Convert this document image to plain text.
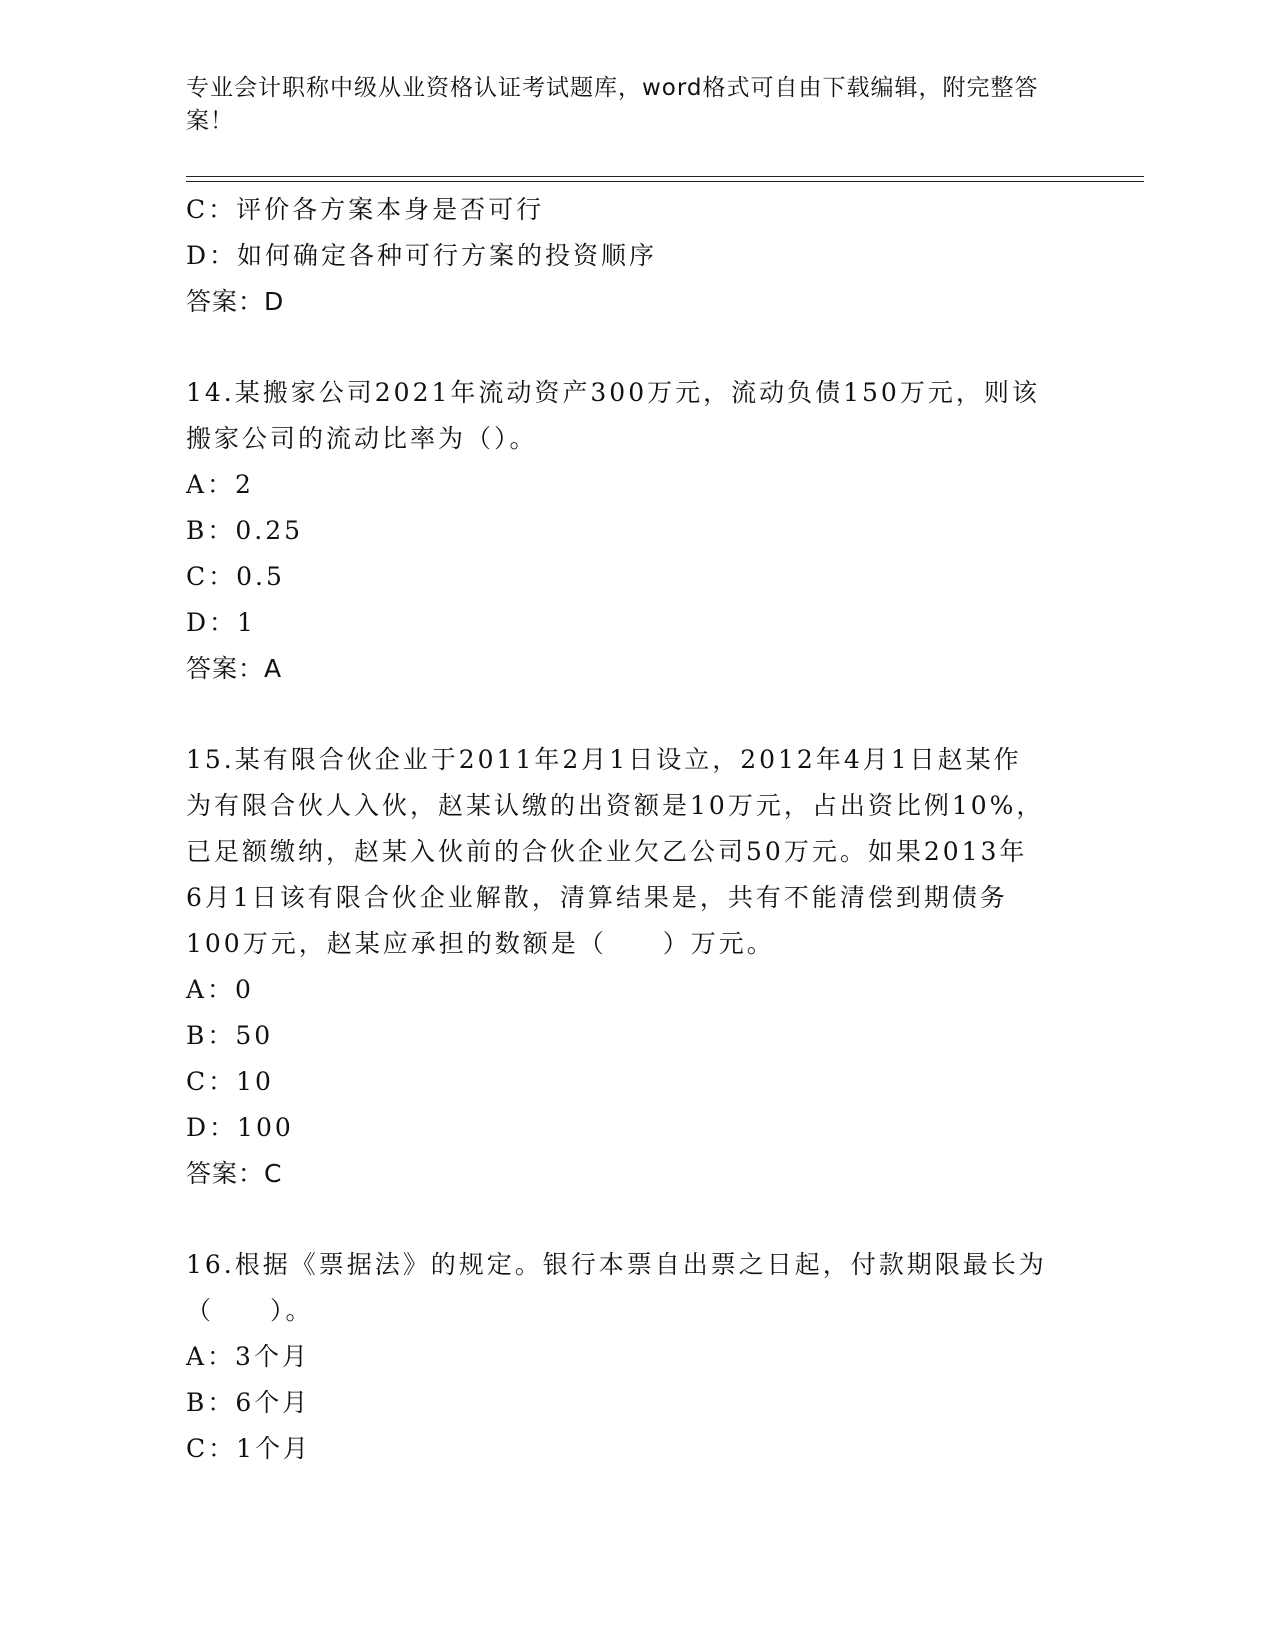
专业会计职称中级从业资格认证考试题库，word格式可自由下载编辑，附完整答案！
C：评价各方案本身是否可行
D：如何确定各种可行方案的投资顺序
答案：D
14.某搬家公司2021年流动资产300万元，流动负债150万元，则该
搬家公司的流动比率为（）。
A：2
B：0.25
C：0.5
D：1
答案：A
15.某有限合伙企业于2011年2月1日设立，2012年4月1日赵某作
为有限合伙人入伙，赵某认缴的出资额是10万元，占出资比例10%，
已足额缴纳，赵某入伙前的合伙企业欠乙公司50万元。如果2013年
6月1日该有限合伙企业解散，清算结果是，共有不能清偿到期债务
100万元，赵某应承担的数额是（　　）万元。
A：0
B：50
C：10
D：100
答案：C
16.根据《票据法》的规定。银行本票自出票之日起，付款期限最长为
（　　）。
A：3个月
B：6个月
C：1个月
